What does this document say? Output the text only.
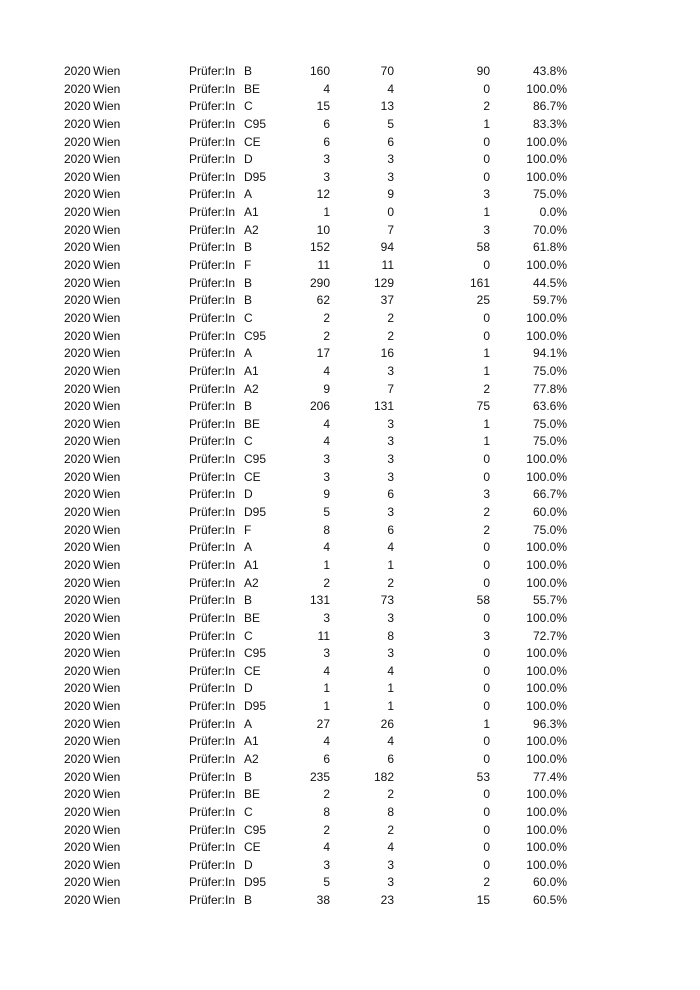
2020 Wien	Prüfer:In B	160	70	90	43.8%
2020 Wien	Prüfer:In BE	4	4	0	100.0%
2020 Wien	Prüfer:In C	15	13	2	86.7%
2020 Wien	Prüfer:In C95	6	5	1	83.3%
2020 Wien	Prüfer:In CE	6	6	0	100.0%
2020 Wien	Prüfer:In D	3	3	0	100.0%
2020 Wien	Prüfer:In D95	3	3	0	100.0%
2020 Wien	Prüfer:In A	12	9	3	75.0%
2020 Wien	Prüfer:In A1	1	0	1	0.0%
2020 Wien	Prüfer:In A2	10	7	3	70.0%
2020 Wien	Prüfer:In B	152	94	58	61.8%
2020 Wien	Prüfer:In F	11	11	0	100.0%
2020 Wien	Prüfer:In B	290	129	161	44.5%
2020 Wien	Prüfer:In B	62	37	25	59.7%
2020 Wien	Prüfer:In C	2	2	0	100.0%
2020 Wien	Prüfer:In C95	2	2	0	100.0%
2020 Wien	Prüfer:In A	17	16	1	94.1%
2020 Wien	Prüfer:In A1	4	3	1	75.0%
2020 Wien	Prüfer:In A2	9	7	2	77.8%
2020 Wien	Prüfer:In B	206	131	75	63.6%
2020 Wien	Prüfer:In BE	4	3	1	75.0%
2020 Wien	Prüfer:In C	4	3	1	75.0%
2020 Wien	Prüfer:In C95	3	3	0	100.0%
2020 Wien	Prüfer:In CE	3	3	0	100.0%
2020 Wien	Prüfer:In D	9	6	3	66.7%
2020 Wien	Prüfer:In D95	5	3	2	60.0%
2020 Wien	Prüfer:In F	8	6	2	75.0%
2020 Wien	Prüfer:In A	4	4	0	100.0%
2020 Wien	Prüfer:In A1	1	1	0	100.0%
2020 Wien	Prüfer:In A2	2	2	0	100.0%
2020 Wien	Prüfer:In B	131	73	58	55.7%
2020 Wien	Prüfer:In BE	3	3	0	100.0%
2020 Wien	Prüfer:In C	11	8	3	72.7%
2020 Wien	Prüfer:In C95	3	3	0	100.0%
2020 Wien	Prüfer:In CE	4	4	0	100.0%
2020 Wien	Prüfer:In D	1	1	0	100.0%
2020 Wien	Prüfer:In D95	1	1	0	100.0%
2020 Wien	Prüfer:In A	27	26	1	96.3%
2020 Wien	Prüfer:In A1	4	4	0	100.0%
2020 Wien	Prüfer:In A2	6	6	0	100.0%
2020 Wien	Prüfer:In B	235	182	53	77.4%
2020 Wien	Prüfer:In BE	2	2	0	100.0%
2020 Wien	Prüfer:In C	8	8	0	100.0%
2020 Wien	Prüfer:In C95	2	2	0	100.0%
2020 Wien	Prüfer:In CE	4	4	0	100.0%
2020 Wien	Prüfer:In D	3	3	0	100.0%
2020 Wien	Prüfer:In D95	5	3	2	60.0%
2020 Wien	Prüfer:In B	38	23	15	60.5%
